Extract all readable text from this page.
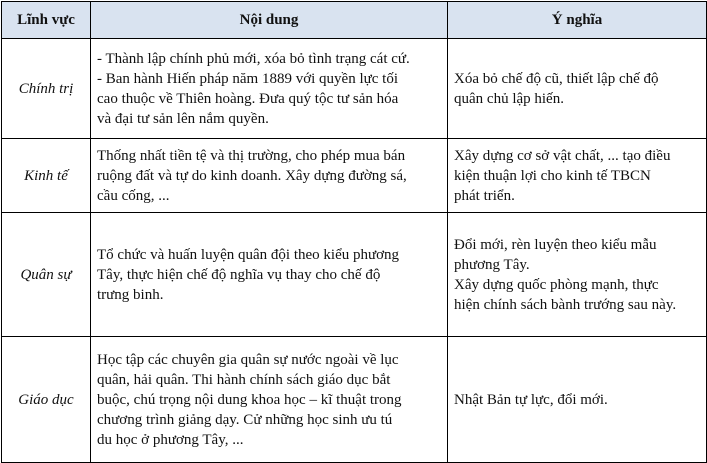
Lĩnh vực	Nội dung	Ý nghĩa
Chính trị	- Thành lập chính phủ mới, xóa bỏ tình trạng cát cứ.
- Ban hành Hiến pháp năm 1889 với quyền lực tối
cao thuộc về Thiên hoàng. Đưa quý tộc tư sản hóa
và đại tư sản lên nắm quyền.	Xóa bỏ chế độ cũ, thiết lập chế độ
quân chủ lập hiến.

Kinh tế	Thống nhất tiền tệ và thị trường, cho phép mua bán
ruộng đất và tự do kinh doanh. Xây dựng đường sá,
cầu cống, ...	Xây dựng cơ sở vật chất, ... tạo điều
kiện thuận lợi cho kinh tế TBCN
phát triển.

Quân sự	Tổ chức và huấn luyện quân đội theo kiểu phương
Tây, thực hiện chế độ nghĩa vụ thay cho chế độ
trưng binh.	Đổi mới, rèn luyện theo kiểu mẫu
phương Tây.
Xây dựng quốc phòng mạnh, thực
hiện chính sách bành trướng sau này.

Giáo dục	Học tập các chuyên gia quân sự nước ngoài về lục
quân, hải quân. Thi hành chính sách giáo dục bắt
buộc, chú trọng nội dung khoa học – kĩ thuật trong
chương trình giảng dạy. Cử những học sinh ưu tú
du học ở phương Tây, ...	Nhật Bản tự lực, đổi mới.
